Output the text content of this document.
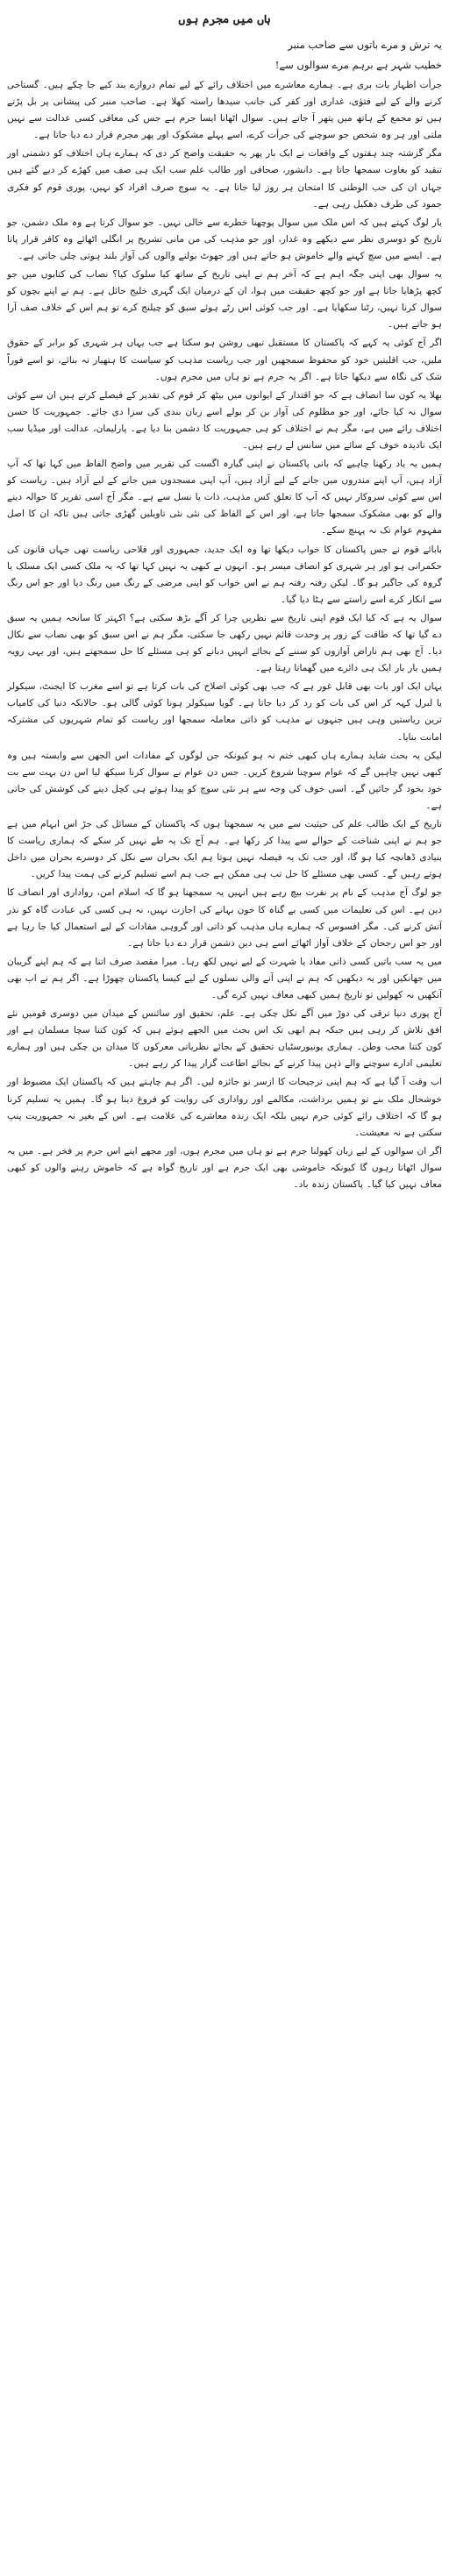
ہاں میں مجرم ہوں
یہ ترش و مرے باتوں سے صاحب منبر
خطیب شہر ہے برہم مرے سوالوں سے!

جرأت اظہار بات بری ہے۔ ہمارے معاشرے میں اختلاف رائے کے لیے تمام دروازے بند کیے جا چکے ہیں۔ گستاخی کرنے والے کے لیے فتوٰی، غداری اور کفر کی جانب سیدھا راستہ کھلا ہے۔ صاحب منبر کی پیشانی پر بل پڑتے ہیں تو مجمع کے ہاتھ میں پتھر آ جاتے ہیں۔ سوال اٹھانا ایسا جرم ہے جس کی معافی کسی عدالت سے نہیں ملتی اور ہر وہ شخص جو سوچنے کی جرأت کرے، اسے پہلے مشکوک اور پھر مجرم قرار دے دیا جاتا ہے۔

مگر گزشتہ چند ہفتوں کے واقعات نے ایک بار پھر یہ حقیقت واضح کر دی کہ ہمارے ہاں اختلاف کو دشمنی اور تنقید کو بغاوت سمجھا جاتا ہے۔ دانشور، صحافی اور طالب علم سب ایک ہی صف میں کھڑے کر دیے گئے ہیں جہاں ان کی حب الوطنی کا امتحان ہر روز لیا جاتا ہے۔ یہ سوچ صرف افراد کو نہیں، پوری قوم کو فکری جمود کی طرف دھکیل رہی ہے۔

یار لوگ کہتے ہیں کہ اس ملک میں سوال پوچھنا خطرے سے خالی نہیں۔ جو سوال کرتا ہے وہ ملک دشمن، جو تاریخ کو دوسری نظر سے دیکھے وہ غدار، اور جو مذہب کی من مانی تشریح پر انگلی اٹھائے وہ کافر قرار پاتا ہے۔ ایسے میں سچ کہنے والے خاموش ہو جاتے ہیں اور جھوٹ بولنے والوں کی آواز بلند ہوتی چلی جاتی ہے۔

یہ سوال بھی اپنی جگہ اہم ہے کہ آخر ہم نے اپنی تاریخ کے ساتھ کیا سلوک کیا؟ نصاب کی کتابوں میں جو کچھ پڑھایا جاتا ہے اور جو کچھ حقیقت میں ہوا، ان کے درمیان ایک گہری خلیج حائل ہے۔ ہم نے اپنے بچوں کو سوال کرنا نہیں، رٹنا سکھایا ہے۔ اور جب کوئی اس رٹے ہوئے سبق کو چیلنج کرے تو ہم اس کے خلاف صف آرا ہو جاتے ہیں۔

اگر آج کوئی یہ کہے کہ پاکستان کا مستقبل تبھی روشن ہو سکتا ہے جب یہاں ہر شہری کو برابر کے حقوق ملیں، جب اقلیتیں خود کو محفوظ سمجھیں اور جب ریاست مذہب کو سیاست کا ہتھیار نہ بنائے، تو اسے فوراً شک کی نگاہ سے دیکھا جاتا ہے۔ اگر یہ جرم ہے تو ہاں میں مجرم ہوں۔

بھلا یہ کون سا انصاف ہے کہ جو اقتدار کے ایوانوں میں بیٹھ کر قوم کی تقدیر کے فیصلے کرتے ہیں ان سے کوئی سوال نہ کیا جائے، اور جو مظلوم کی آواز بن کر بولے اسے زبان بندی کی سزا دی جائے۔ جمہوریت کا حسن اختلاف رائے میں ہے، مگر ہم نے اختلاف کو ہی جمہوریت کا دشمن بنا دیا ہے۔ پارلیمان، عدالت اور میڈیا سب ایک نادیدہ خوف کے سائے میں سانس لے رہے ہیں۔

ہمیں یہ یاد رکھنا چاہیے کہ بانی پاکستان نے اپنی گیارہ اگست کی تقریر میں واضح الفاظ میں کہا تھا کہ آپ آزاد ہیں، آپ اپنے مندروں میں جانے کے لیے آزاد ہیں، آپ اپنی مسجدوں میں جانے کے لیے آزاد ہیں۔ ریاست کو اس سے کوئی سروکار نہیں کہ آپ کا تعلق کس مذہب، ذات یا نسل سے ہے۔ مگر آج اسی تقریر کا حوالہ دینے والے کو بھی مشکوک سمجھا جاتا ہے، اور اس کے الفاظ کی نئی نئی تاویلیں گھڑی جاتی ہیں تاکہ ان کا اصل مفہوم عوام تک نہ پہنچ سکے۔

بابائے قوم نے جس پاکستان کا خواب دیکھا تھا وہ ایک جدید، جمہوری اور فلاحی ریاست تھی جہاں قانون کی حکمرانی ہو اور ہر شہری کو انصاف میسر ہو۔ انہوں نے کبھی یہ نہیں کہا تھا کہ یہ ملک کسی ایک مسلک یا گروہ کی جاگیر ہو گا۔ لیکن رفتہ رفتہ ہم نے اس خواب کو اپنی مرضی کے رنگ میں رنگ دیا اور جو اس رنگ سے انکار کرے اسے راستے سے ہٹا دیا گیا۔

سوال یہ ہے کہ کیا ایک قوم اپنی تاریخ سے نظریں چرا کر آگے بڑھ سکتی ہے؟ اکہتر کا سانحہ ہمیں یہ سبق دے گیا تھا کہ طاقت کے زور پر وحدت قائم نہیں رکھی جا سکتی، مگر ہم نے اس سبق کو بھی نصاب سے نکال دیا۔ آج بھی ہم ناراض آوازوں کو سننے کے بجائے انہیں دبانے کو ہی مسئلے کا حل سمجھتے ہیں، اور یہی رویہ ہمیں بار بار ایک ہی دائرے میں گھماتا رہتا ہے۔

یہاں ایک اور بات بھی قابل غور ہے کہ جب بھی کوئی اصلاح کی بات کرتا ہے تو اسے مغرب کا ایجنٹ، سیکولر یا لبرل کہہ کر اس کی بات کو رد کر دیا جاتا ہے۔ گویا سیکولر ہونا کوئی گالی ہو۔ حالانکہ دنیا کی کامیاب ترین ریاستیں وہی ہیں جنہوں نے مذہب کو ذاتی معاملہ سمجھا اور ریاست کو تمام شہریوں کی مشترکہ امانت بنایا۔

لیکن یہ بحث شاید ہمارے ہاں کبھی ختم نہ ہو کیونکہ جن لوگوں کے مفادات اس الجھن سے وابستہ ہیں وہ کبھی نہیں چاہیں گے کہ عوام سوچنا شروع کریں۔ جس دن عوام نے سوال کرنا سیکھ لیا اس دن بہت سے بت خود بخود گر جائیں گے۔ اسی خوف کی وجہ سے ہر نئی سوچ کو پیدا ہوتے ہی کچل دینے کی کوشش کی جاتی ہے۔

تاریخ کے ایک طالب علم کی حیثیت سے میں یہ سمجھتا ہوں کہ پاکستان کے مسائل کی جڑ اس ابہام میں ہے جو ہم نے اپنی شناخت کے حوالے سے پیدا کر رکھا ہے۔ ہم آج تک یہ طے نہیں کر سکے کہ ہماری ریاست کا بنیادی ڈھانچہ کیا ہو گا، اور جب تک یہ فیصلہ نہیں ہوتا ہم ایک بحران سے نکل کر دوسرے بحران میں داخل ہوتے رہیں گے۔ کسی بھی مسئلے کا حل تب ہی ممکن ہے جب ہم اسے تسلیم کرنے کی ہمت پیدا کریں۔

جو لوگ آج مذہب کے نام پر نفرت بیچ رہے ہیں انہیں یہ سمجھنا ہو گا کہ اسلام امن، رواداری اور انصاف کا دین ہے۔ اس کی تعلیمات میں کسی بے گناہ کا خون بہانے کی اجازت نہیں، نہ ہی کسی کی عبادت گاہ کو نذر آتش کرنے کی۔ مگر افسوس کہ ہمارے ہاں مذہب کو ذاتی اور گروہی مفادات کے لیے استعمال کیا جا رہا ہے اور جو اس رجحان کے خلاف آواز اٹھائے اسے ہی دین دشمن قرار دے دیا جاتا ہے۔

میں یہ سب باتیں کسی ذاتی مفاد یا شہرت کے لیے نہیں لکھ رہا۔ میرا مقصد صرف اتنا ہے کہ ہم اپنے گریبان میں جھانکیں اور یہ دیکھیں کہ ہم نے اپنی آنے والی نسلوں کے لیے کیسا پاکستان چھوڑا ہے۔ اگر ہم نے اب بھی آنکھیں نہ کھولیں تو تاریخ ہمیں کبھی معاف نہیں کرے گی۔

آج پوری دنیا ترقی کی دوڑ میں آگے نکل چکی ہے۔ علم، تحقیق اور سائنس کے میدان میں دوسری قومیں نئے افق تلاش کر رہی ہیں جبکہ ہم ابھی تک اس بحث میں الجھے ہوئے ہیں کہ کون کتنا سچا مسلمان ہے اور کون کتنا محب وطن۔ ہماری یونیورسٹیاں تحقیق کے بجائے نظریاتی معرکوں کا میدان بن چکی ہیں اور ہمارے تعلیمی ادارے سوچنے والے ذہن پیدا کرنے کے بجائے اطاعت گزار پیدا کر رہے ہیں۔

اب وقت آ گیا ہے کہ ہم اپنی ترجیحات کا ازسر نو جائزہ لیں۔ اگر ہم چاہتے ہیں کہ پاکستان ایک مضبوط اور خوشحال ملک بنے تو ہمیں برداشت، مکالمے اور رواداری کی روایت کو فروغ دینا ہو گا۔ ہمیں یہ تسلیم کرنا ہو گا کہ اختلاف رائے کوئی جرم نہیں بلکہ ایک زندہ معاشرے کی علامت ہے۔ اس کے بغیر نہ جمہوریت پنپ سکتی ہے نہ معیشت۔

اگر ان سوالوں کے لیے زبان کھولنا جرم ہے تو ہاں میں مجرم ہوں، اور مجھے اپنے اس جرم پر فخر ہے۔ میں یہ سوال اٹھاتا رہوں گا کیونکہ خاموشی بھی ایک جرم ہے اور تاریخ گواہ ہے کہ خاموش رہنے والوں کو کبھی معاف نہیں کیا گیا۔ پاکستان زندہ باد۔
